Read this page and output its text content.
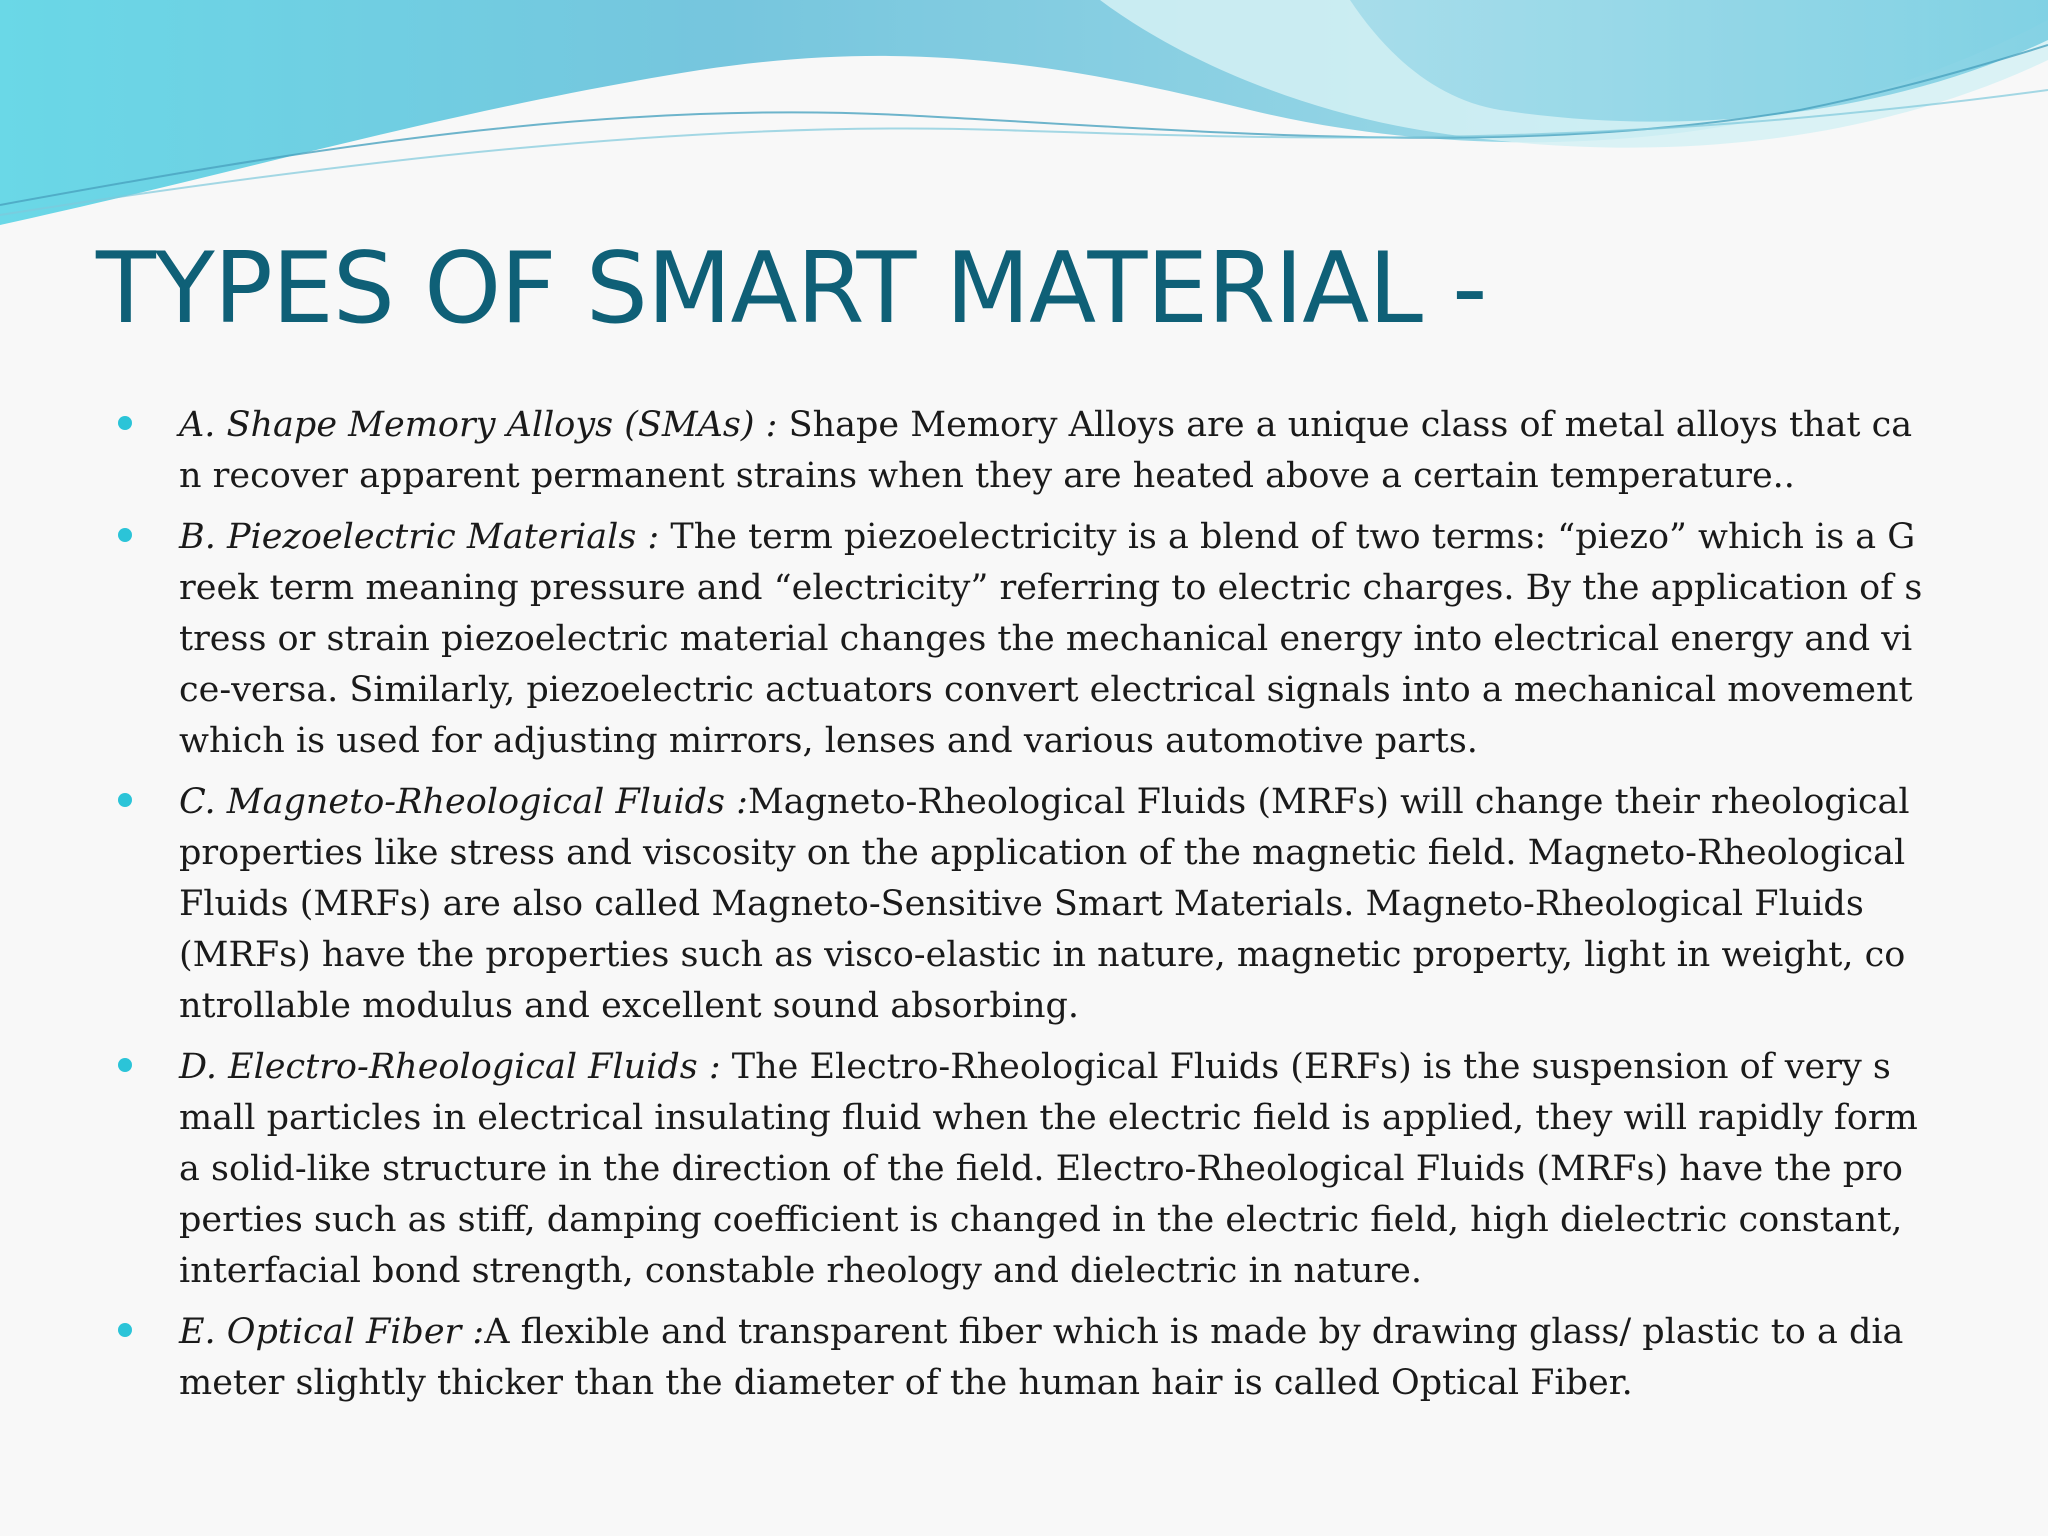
TYPES OF SMART MATERIAL -
A. Shape Memory Alloys (SMAs) : Shape Memory Alloys are a unique class of metal alloys that can recover apparent permanent strains when they are heated above a certain temperature..
B. Piezoelectric Materials : The term piezoelectricity is a blend of two terms: “piezo” which is a Greek term meaning pressure and “electricity” referring to electric charges. By the application of stress or strain piezoelectric material changes the mechanical energy into electrical energy and vice-versa. Similarly, piezoelectric actuators convert electrical signals into a mechanical movement which is used for adjusting mirrors, lenses and various automotive parts.
C. Magneto-Rheological Fluids :Magneto-Rheological Fluids (MRFs) will change their rheological properties like stress and viscosity on the application of the magnetic field. Magneto-Rheological Fluids (MRFs) are also called Magneto-Sensitive Smart Materials. Magneto-Rheological Fluids (MRFs) have the properties such as visco-elastic in nature, magnetic property, light in weight, controllable modulus and excellent sound absorbing.
D. Electro-Rheological Fluids : The Electro-Rheological Fluids (ERFs) is the suspension of very small particles in electrical insulating fluid when the electric field is applied, they will rapidly form a solid-like structure in the direction of the field. Electro-Rheological Fluids (MRFs) have the properties such as stiff, damping coefficient is changed in the electric field, high dielectric constant, interfacial bond strength, constable rheology and dielectric in nature.
E. Optical Fiber :A flexible and transparent fiber which is made by drawing glass/ plastic to a diameter slightly thicker than the diameter of the human hair is called Optical Fiber.
